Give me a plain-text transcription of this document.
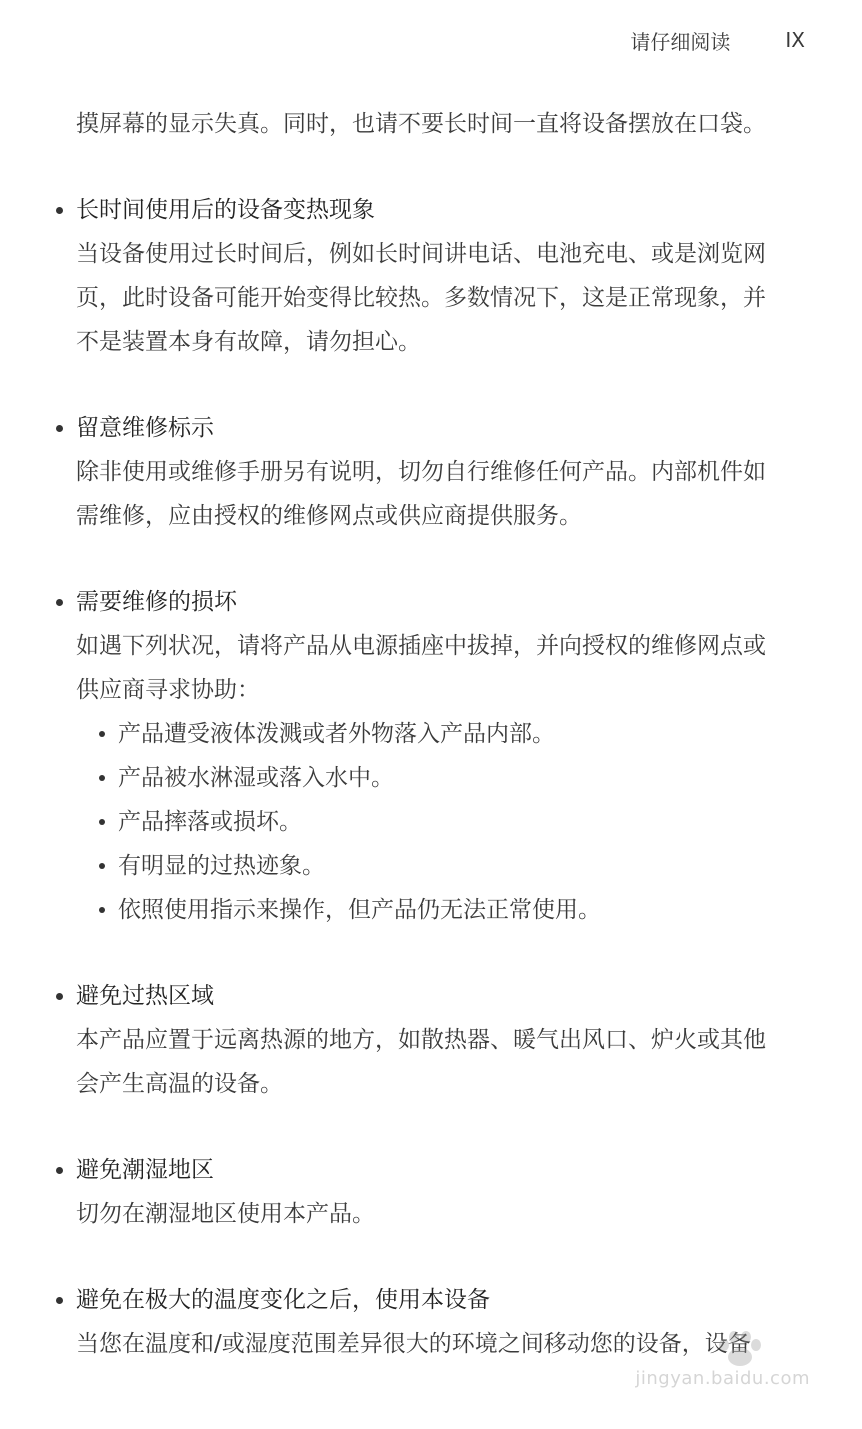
请仔细阅读	IX

摸屏幕的显示失真。同时，也请不要长时间一直将设备摆放在口袋。

长时间使用后的设备变热现象

当设备使用过长时间后，例如长时间讲电话、电池充电、或是浏览网

页，此时设备可能开始变得比较热。多数情况下，这是正常现象，并

不是装置本身有故障，请勿担心。

留意维修标示

除非使用或维修手册另有说明，切勿自行维修任何产品。内部机件如

需维修，应由授权的维修网点或供应商提供服务。

需要维修的损坏

如遇下列状况，请将产品从电源插座中拔掉，并向授权的维修网点或

供应商寻求协助：

产品遭受液体泼溅或者外物落入产品内部。
产品被水淋湿或落入水中。
产品摔落或损坏。
有明显的过热迹象。
依照使用指示来操作，但产品仍无法正常使用。

避免过热区域

本产品应置于远离热源的地方，如散热器、暖气出风口、炉火或其他

会产生高温的设备。

避免潮湿地区

切勿在潮湿地区使用本产品。

避免在极大的温度变化之后，使用本设备

当您在温度和/或湿度范围差异很大的环境之间移动您的设备，设备

jingyan.baidu.com
